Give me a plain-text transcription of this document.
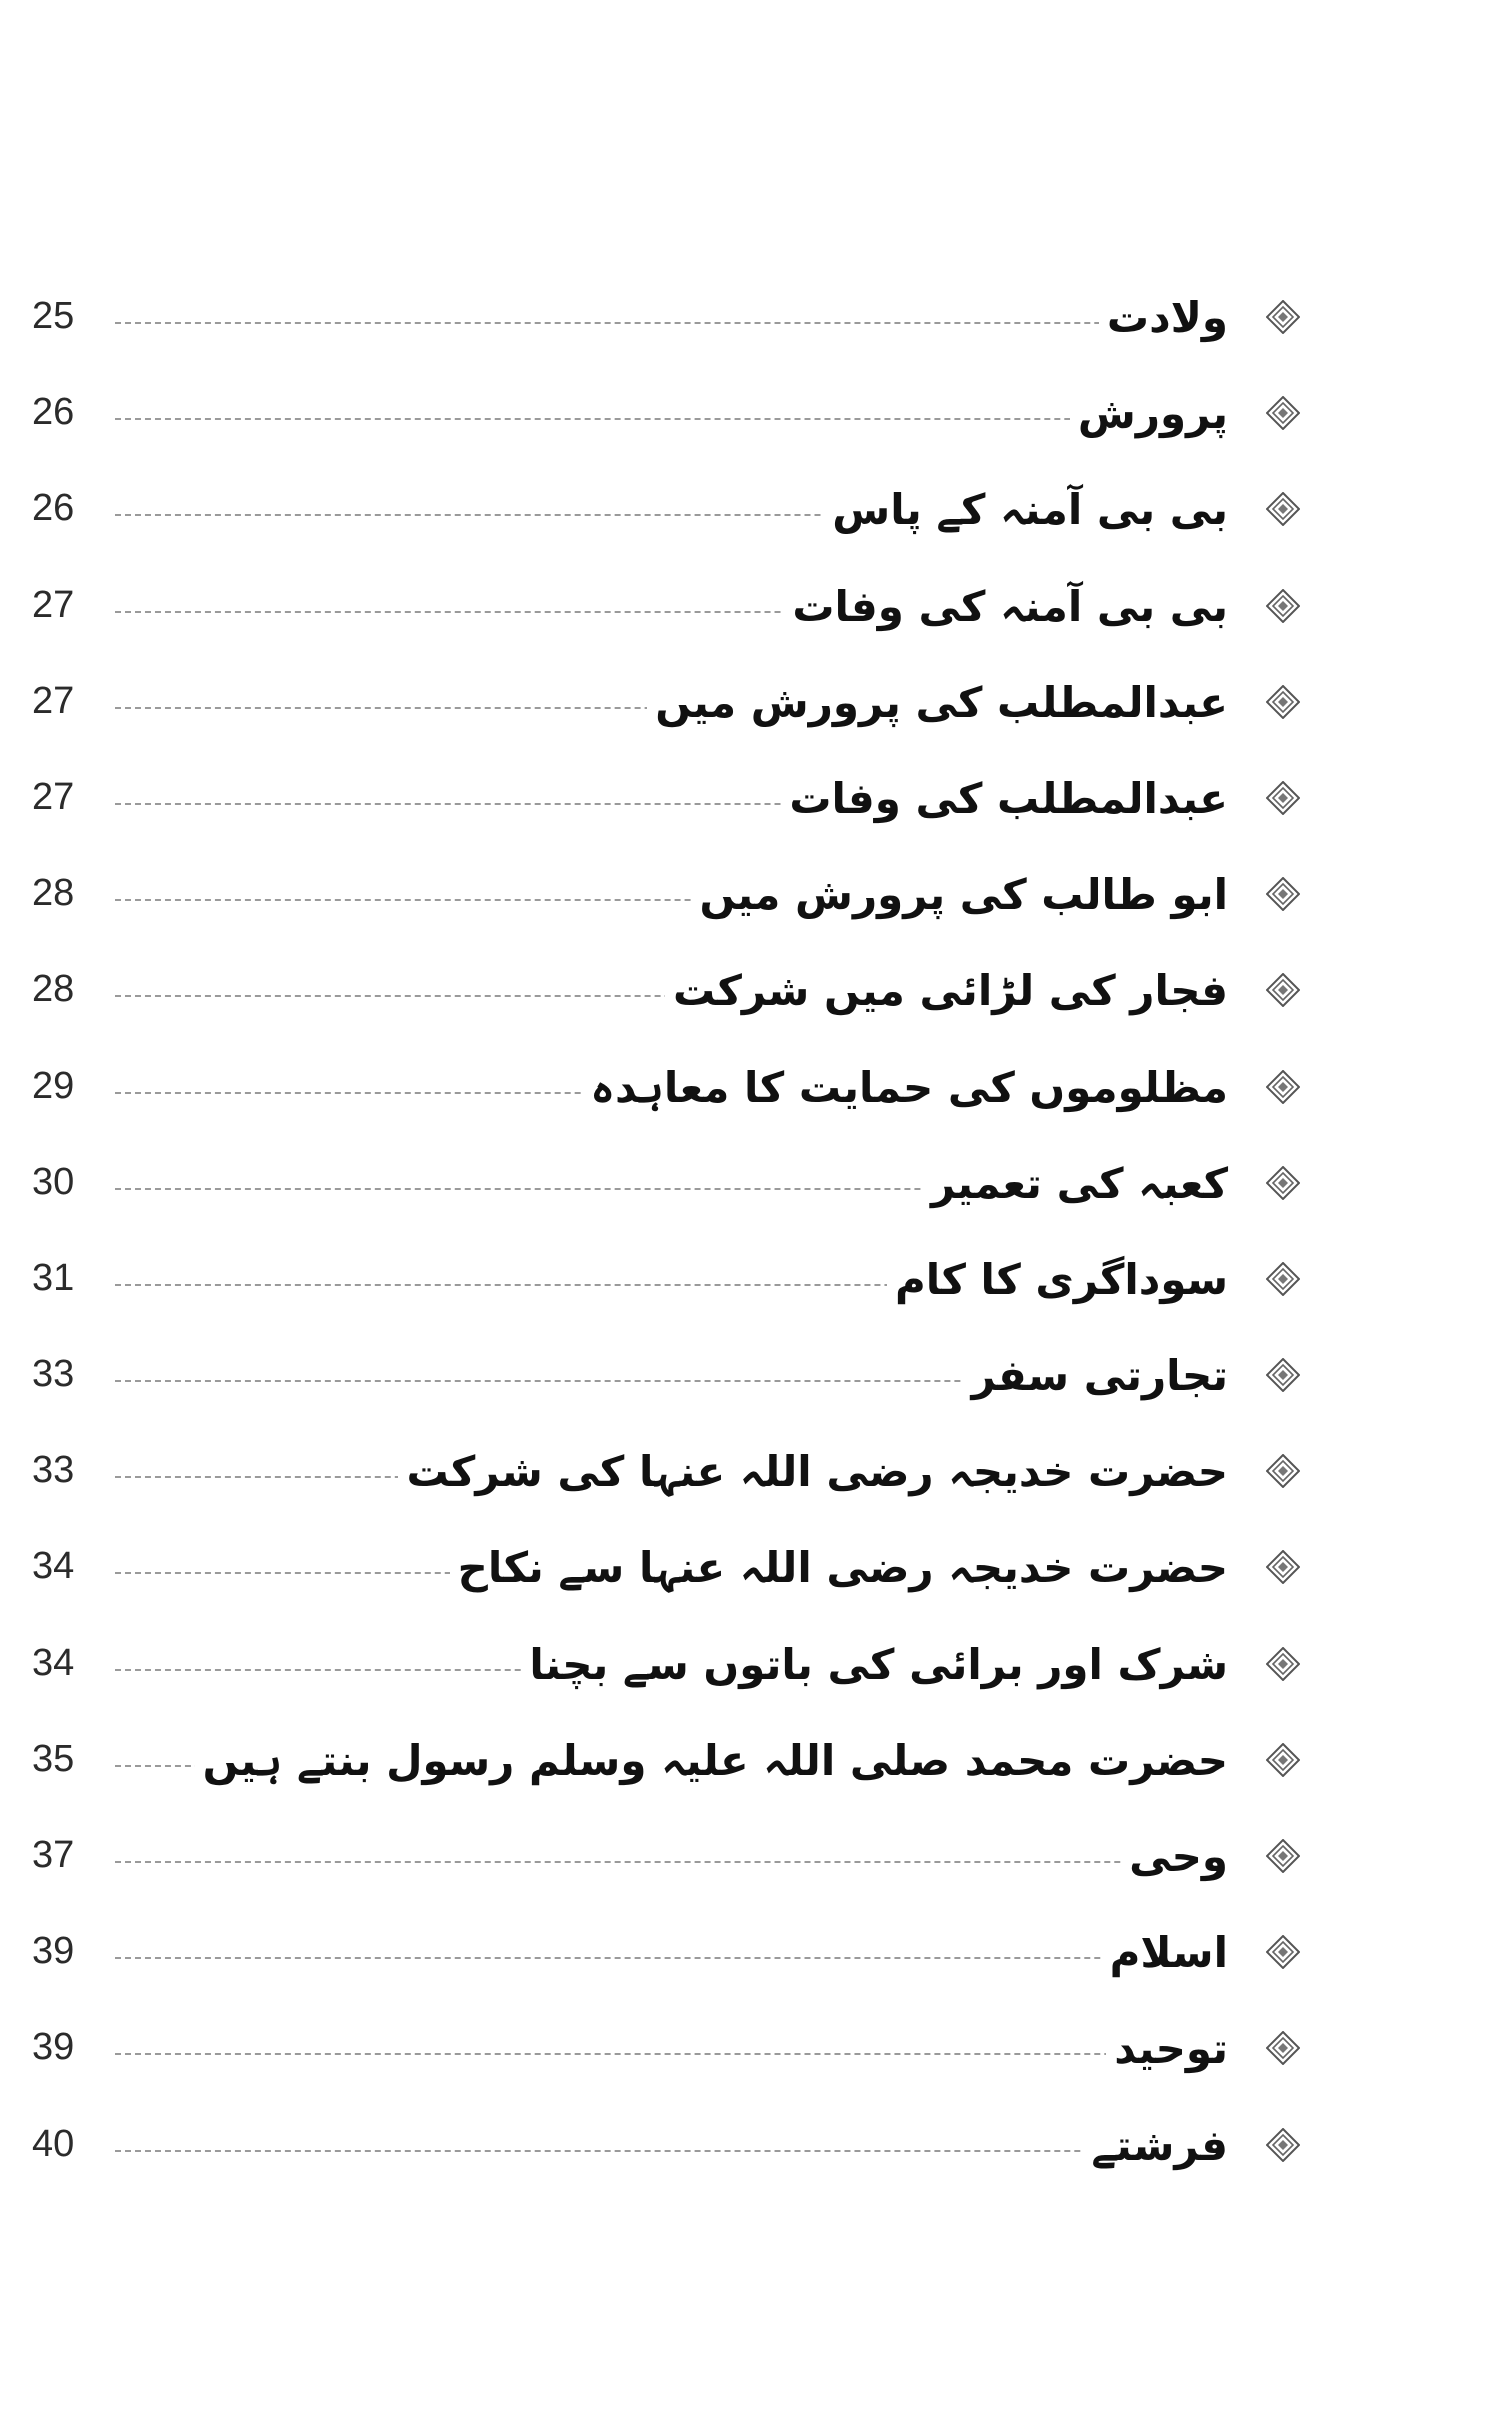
25	ولادت
26	پرورش
26	بی بی آمنہ کے پاس
27	بی بی آمنہ کی وفات
27	عبدالمطلب کی پرورش میں
27	عبدالمطلب کی وفات
28	ابو طالب کی پرورش میں
28	فجار کی لڑائی میں شرکت
29	مظلوموں کی حمایت کا معاہدہ
30	کعبہ کی تعمیر
31	سوداگری کا کام
33	تجارتی سفر
33	حضرت خدیجہ رضی اللہ عنہا کی شرکت
34	حضرت خدیجہ رضی اللہ عنہا سے نکاح
34	شرک اور برائی کی باتوں سے بچنا
35	حضرت محمد صلی اللہ علیہ وسلم رسول بنتے ہیں
37	وحی
39	اسلام
39	توحید
40	فرشتے
